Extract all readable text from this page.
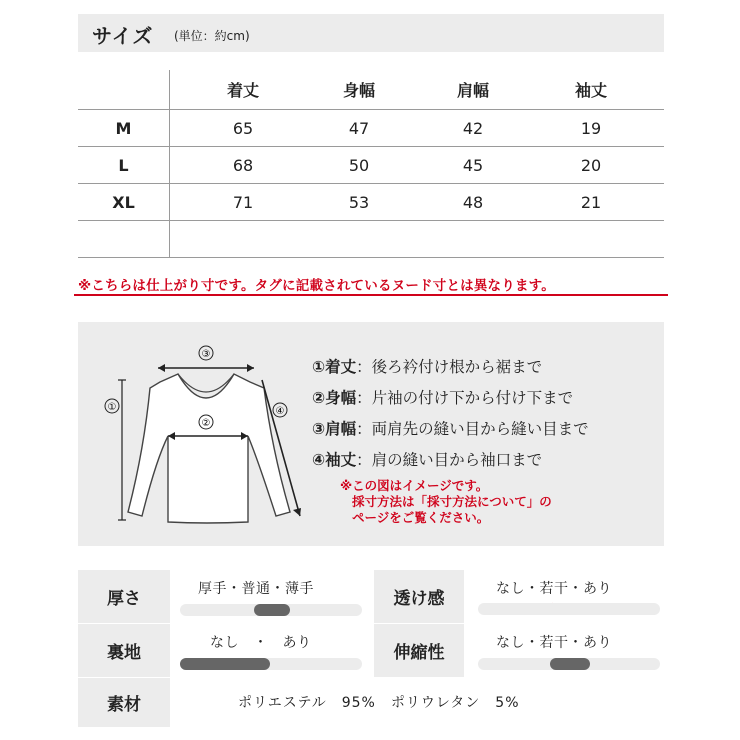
サイズ (単位：約cm)
着丈	身幅	肩幅	袖丈
M	65	47	42	19
L	68	50	45	20
XL	71	53	48	21
※こちらは仕上がり寸です。タグに記載されているヌード寸とは異なります。
③
②
①	④
①着丈：後ろ衿付け根から裾まで
②身幅：片袖の付け下から付け下まで
③肩幅：両肩先の縫い目から縫い目まで
④袖丈：肩の縫い目から袖口まで
※この図はイメージです。
採寸方法は「採寸方法について」の
ページをご覧ください。
厚さ	厚手・普通・薄手	透け感	なし・若干・あり
裏地	なし　・　あり	伸縮性	なし・若干・あり
素材	ポリエステル　95%　ポリウレタン　5%
